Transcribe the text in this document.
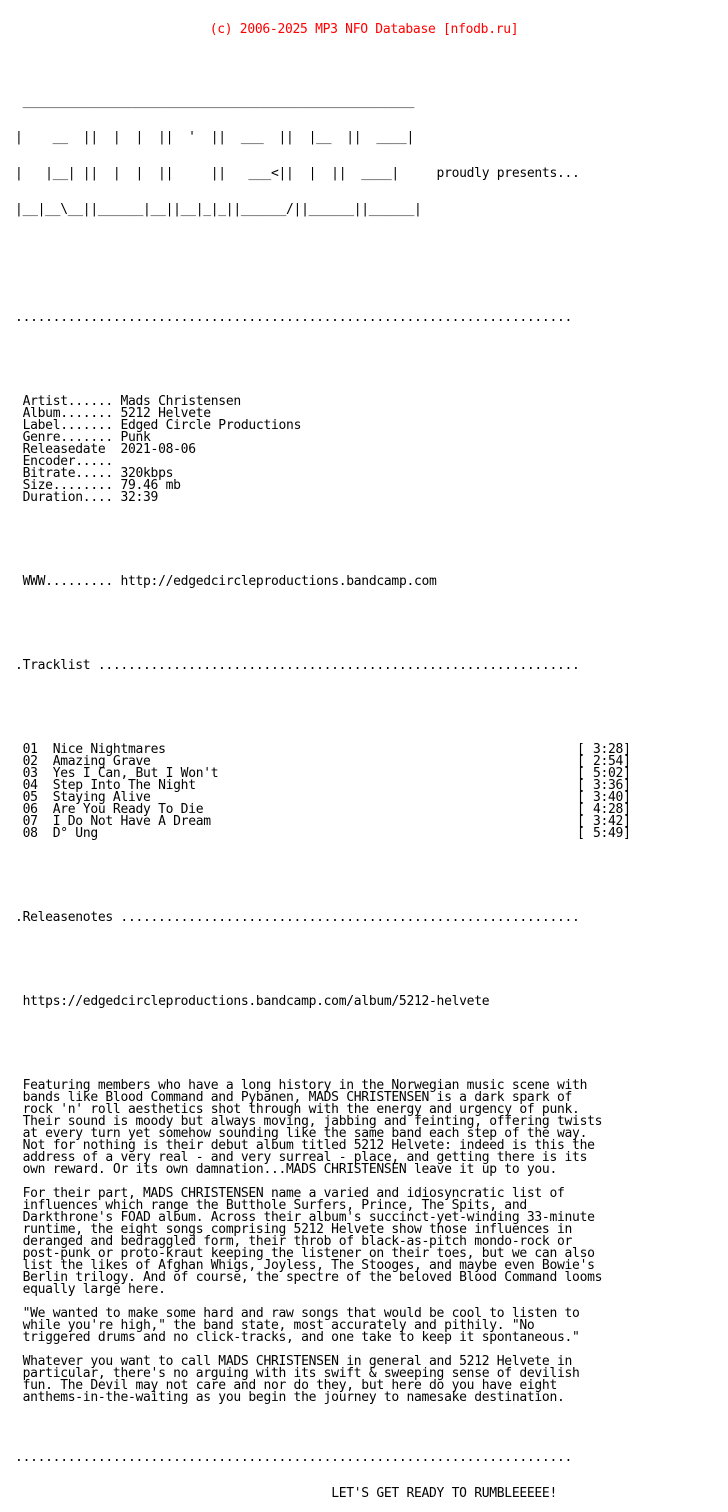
(c) 2006-2025 MP3 NFO Database [nfodb.ru]

____________________________________________________

|    __  ||  |  |  ||  '  ||  ___  ||  |__  ||  ____|

|   |__| ||  |  |  ||     ||   ___<||  |  ||  ____|     proudly presents...

|__|__\__||______|__||__|_|_||______/||______||______|

..........................................................................

Artist...... Mads Christensen
Album....... 5212 Helvete
Label....... Edged Circle Productions
Genre....... Punk
Releasedate  2021-08-06
Encoder.....
Bitrate..... 320kbps
Size........ 79.46 mb
Duration.... 32:39

WWW......... http://edgedcircleproductions.bandcamp.com

.Tracklist ................................................................

01 Nice Nightmares	[ 3:28]
02 Amazing Grave	[ 2:54]
03 Yes I Can, But I Won't	[ 5:02]
04 Step Into The Night	[ 3:36]
05 Staying Alive	[ 3:40]
06 Are You Ready To Die	[ 4:28]
07 I Do Not Have A Dream	[ 3:42]
08 D° Ung	[ 5:49]

.Releasenotes .............................................................

https://edgedcircleproductions.bandcamp.com/album/5212-helvete

Featuring members who have a long history in the Norwegian music scene with
bands like Blood Command and Pybanen, MADS CHRISTENSEN is a dark spark of
rock 'n' roll aesthetics shot through with the energy and urgency of punk.
Their sound is moody but always moving, jabbing and feinting, offering twists
at every turn yet somehow sounding like the same band each step of the way.
Not for nothing is their debut album titled 5212 Helvete: indeed is this the
address of a very real - and very surreal - place, and getting there is its
own reward. Or its own damnation...MADS CHRISTENSEN leave it up to you.
For their part, MADS CHRISTENSEN name a varied and idiosyncratic list of
influences which range the Butthole Surfers, Prince, The Spits, and
Darkthrone's FOAD album. Across their album's succinct-yet-winding 33-minute
runtime, the eight songs comprising 5212 Helvete show those influences in
deranged and bedraggled form, their throb of black-as-pitch mondo-rock or
post-punk or proto-kraut keeping the listener on their toes, but we can also
list the likes of Afghan Whigs, Joyless, The Stooges, and maybe even Bowie's
Berlin trilogy. And of course, the spectre of the beloved Blood Command looms
equally large here.
"We wanted to make some hard and raw songs that would be cool to listen to
while you're high," the band state, most accurately and pithily. "No
triggered drums and no click-tracks, and one take to keep it spontaneous."
Whatever you want to call MADS CHRISTENSEN in general and 5212 Helvete in
particular, there's no arguing with its swift & sweeping sense of devilish
fun. The Devil may not care and nor do they, but here do you have eight
anthems-in-the-waiting as you begin the journey to namesake destination.

..........................................................................

LET'S GET READY TO RUMBLEEEEE!
